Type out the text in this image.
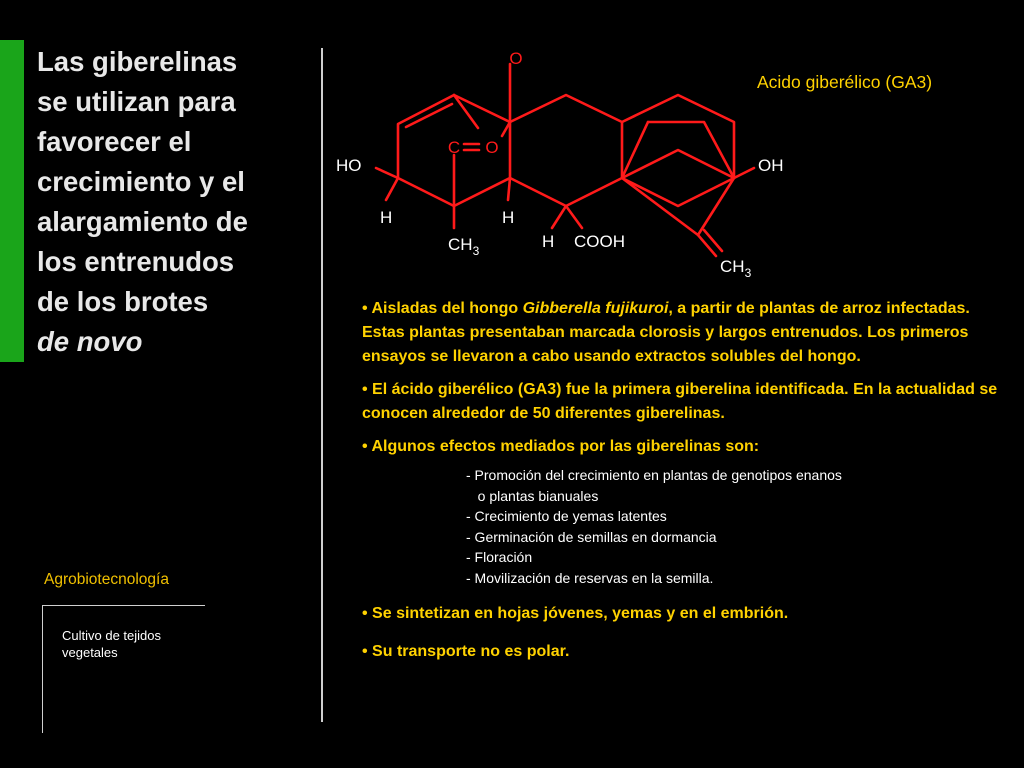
Las giberelinas
se utilizan para
favorecer el
crecimiento y el
alargamiento de
los entrenudos
de los brotes
de novo
Agrobiotecnología
Cultivo de tejidos vegetales
Acido giberélico (GA3)
O
C O
HO	OH
H	H
H
$CH_3$	COOH
$CH_3$

• Aisladas del hongo Gibberella fujikuroi, a partir de plantas de arroz infectadas. Estas plantas presentaban marcada clorosis y largos entrenudos. Los primeros ensayos se llevaron a cabo usando extractos solubles del hongo.

• El ácido giberélico (GA3) fue la primera giberelina identificada. En la actualidad se conocen alrededor de 50 diferentes giberelinas.

• Algunos efectos mediados por las giberelinas son:

- Promoción del crecimiento en plantas de genotipos enanos
o plantas bianuales
- Crecimiento de yemas latentes
- Germinación de semillas en dormancia
- Floración
- Movilización de reservas en la semilla.

• Se sintetizan en hojas jóvenes, yemas y en el embrión.

• Su transporte no es polar.
